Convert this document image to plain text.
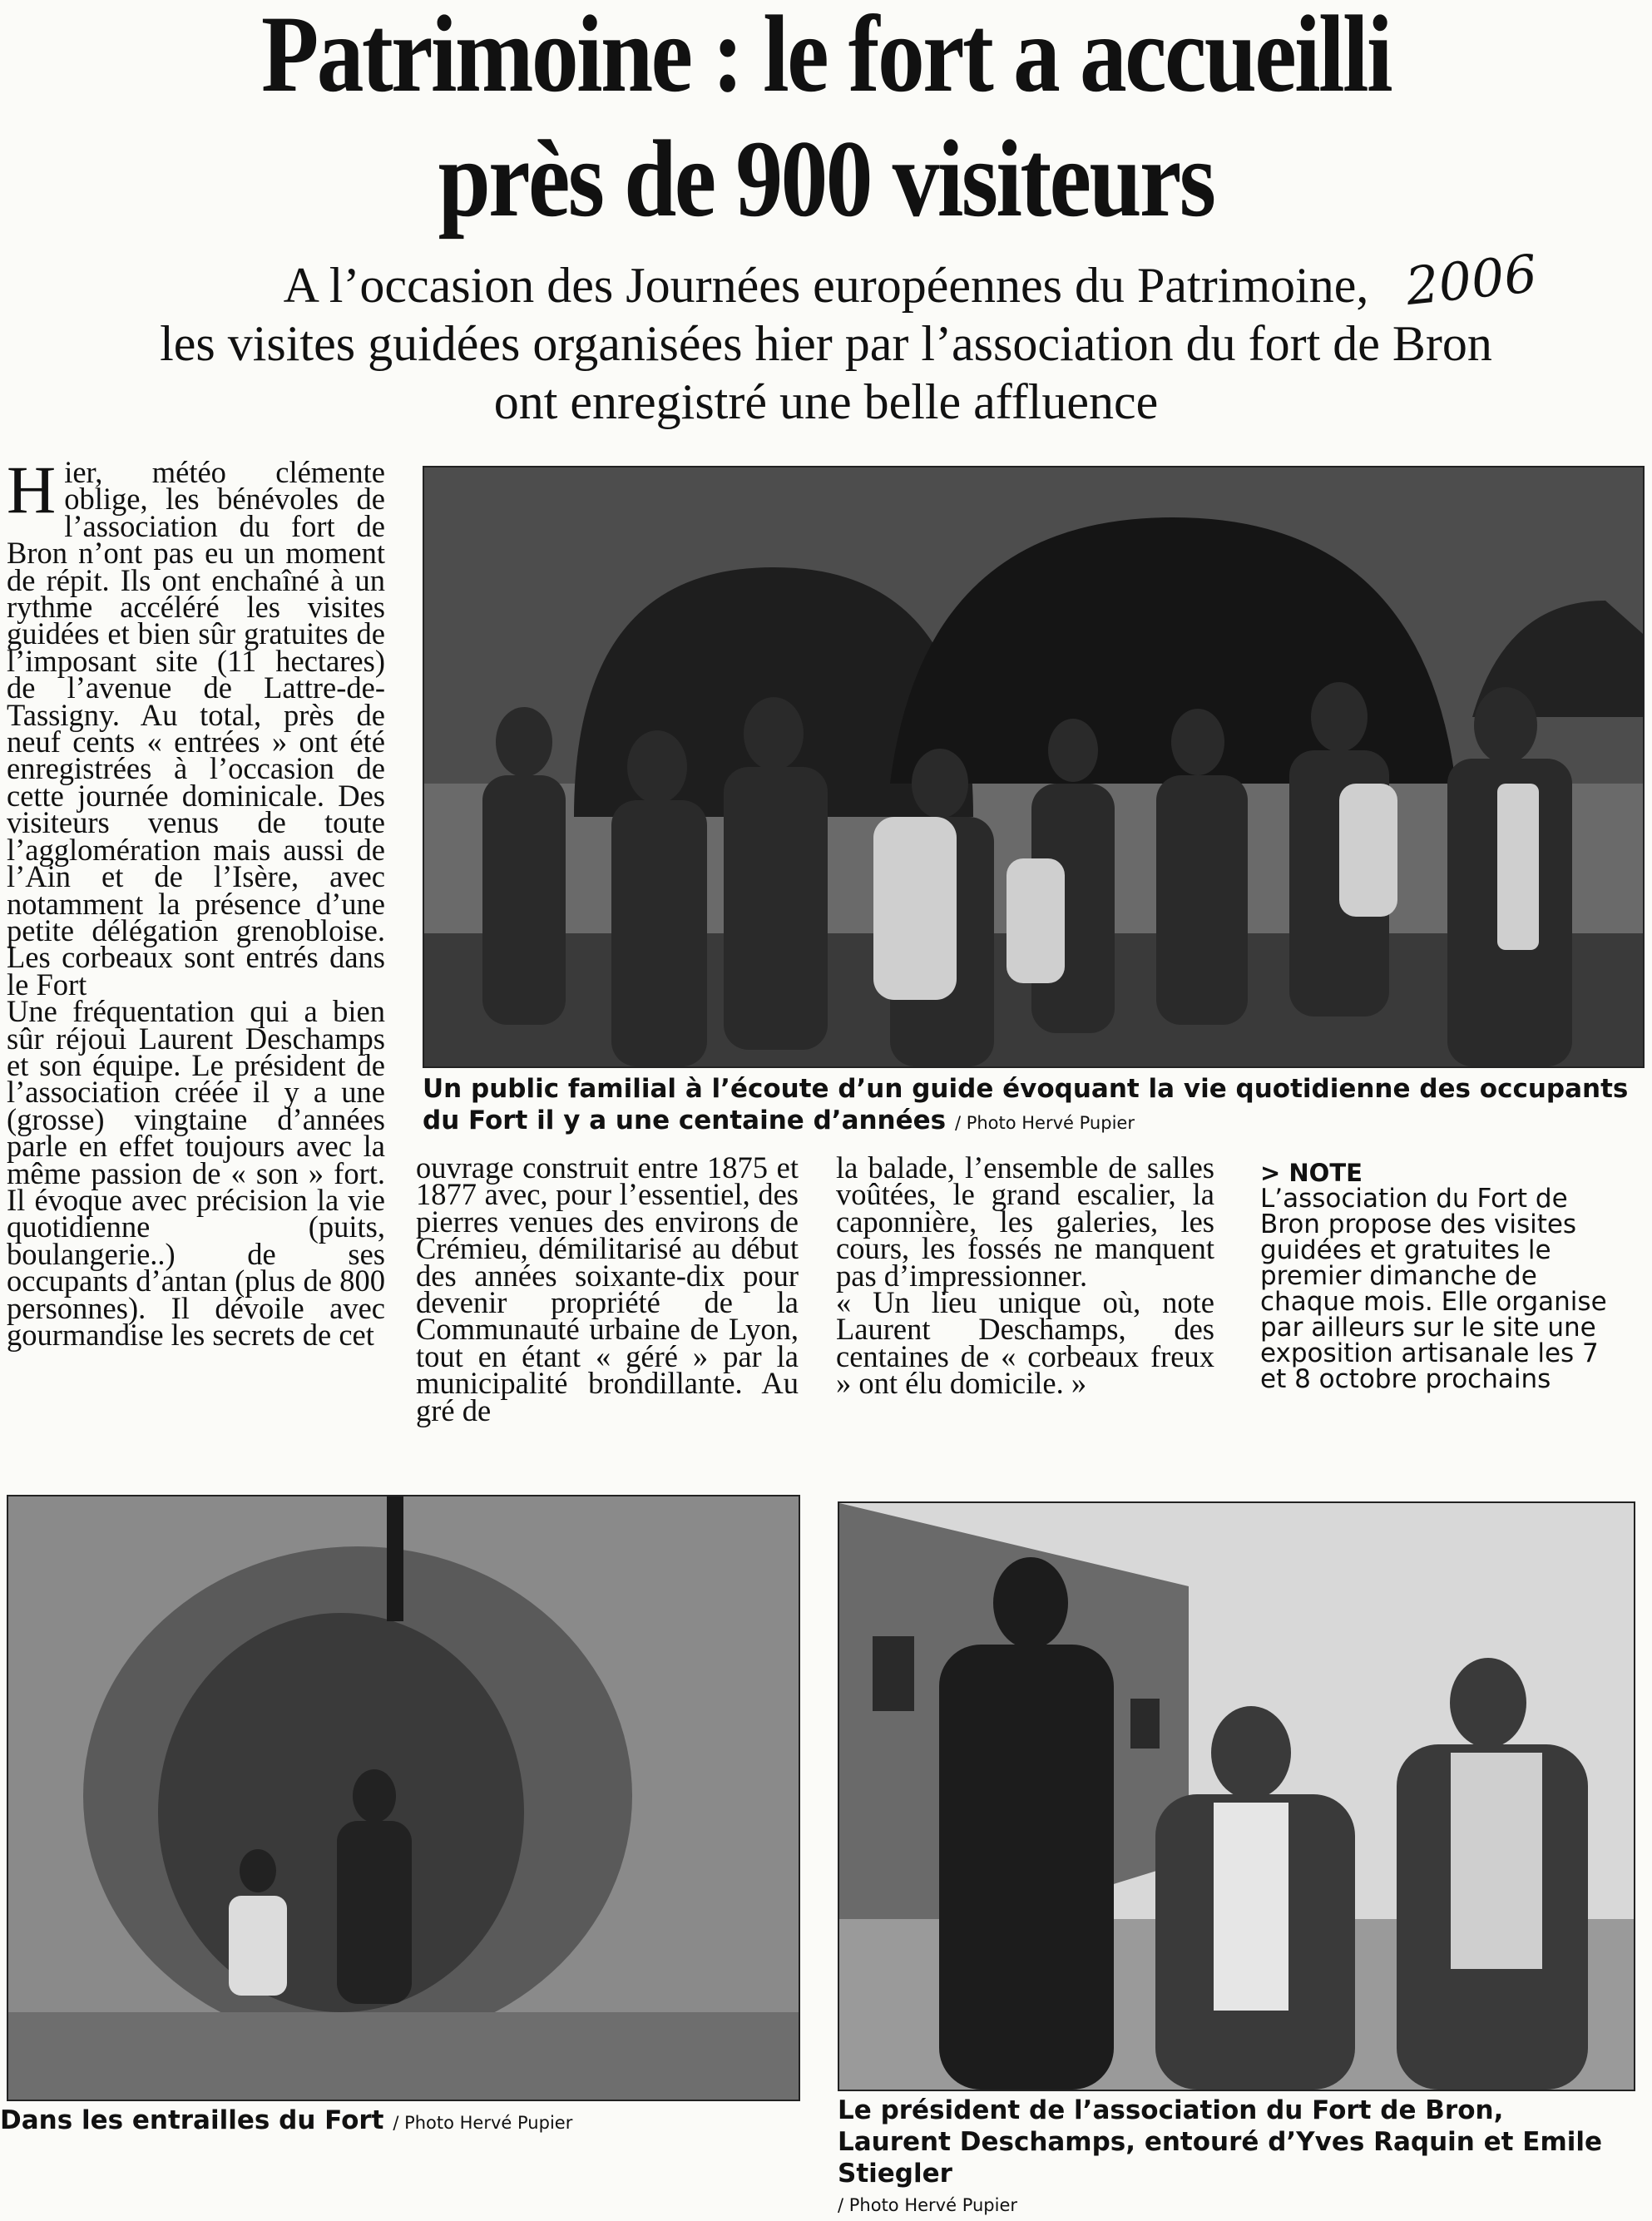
Patrimoine : le fort a accueilli
près de 900 visiteurs
A l’occasion des Journées européennes du Patrimoine,
les visites guidées organisées hier par l’association du fort de Bron
ont enregistré une belle affluence
2006

Hier, météo clémente oblige, les bénévoles de l’association du fort de Bron n’ont pas eu un moment de répit. Ils ont enchaîné à un rythme accéléré les visites guidées et bien sûr gratuites de l’imposant site (11 hectares) de l’avenue de Lattre-de-Tassigny. Au total, près de neuf cents « entrées » ont été enregistrées à l’occasion de cette journée dominicale. Des visiteurs venus de toute l’agglomération mais aussi de l’Ain et de l’Isère, avec notamment la présence d’une petite délégation grenobloise. Les corbeaux sont entrés dans le Fort

Une fréquentation qui a bien sûr réjoui Laurent Deschamps et son équipe. Le président de l’association créée il y a une (grosse) vingtaine d’années parle en effet toujours avec la même passion de « son » fort. Il évoque avec précision la vie quotidienne (puits, boulangerie..) de ses occupants d’antan (plus de 800 personnes). Il dévoile avec gourmandise les secrets de cet

Un public familial à l’écoute d’un guide évoquant la vie quotidienne des occupants du Fort il y a une centaine d’années / Photo Hervé Pupier

ouvrage construit entre 1875 et 1877 avec, pour l’essentiel, des pierres venues des environs de Crémieu, démilitarisé au début des années soixante-dix pour devenir propriété de la Communauté urbaine de Lyon, tout en étant « géré » par la municipalité brondillante. Au gré de

la balade, l’ensemble de salles voûtées, le grand escalier, la caponnière, les galeries, les cours, les fossés ne manquent pas d’impressionner.

« Un lieu unique où, note Laurent Deschamps, des centaines de « corbeaux freux » ont élu domicile. »

> NOTE
L’association du Fort de Bron propose des visites guidées et gratuites le premier dimanche de chaque mois. Elle organise par ailleurs sur le site une exposition artisanale les 7 et 8 octobre prochains
Dans les entrailles du Fort / Photo Hervé Pupier	Le président de l’association du Fort de Bron,
Laurent Deschamps, entouré d’Yves Raquin et Emile Stiegler
/ Photo Hervé Pupier
